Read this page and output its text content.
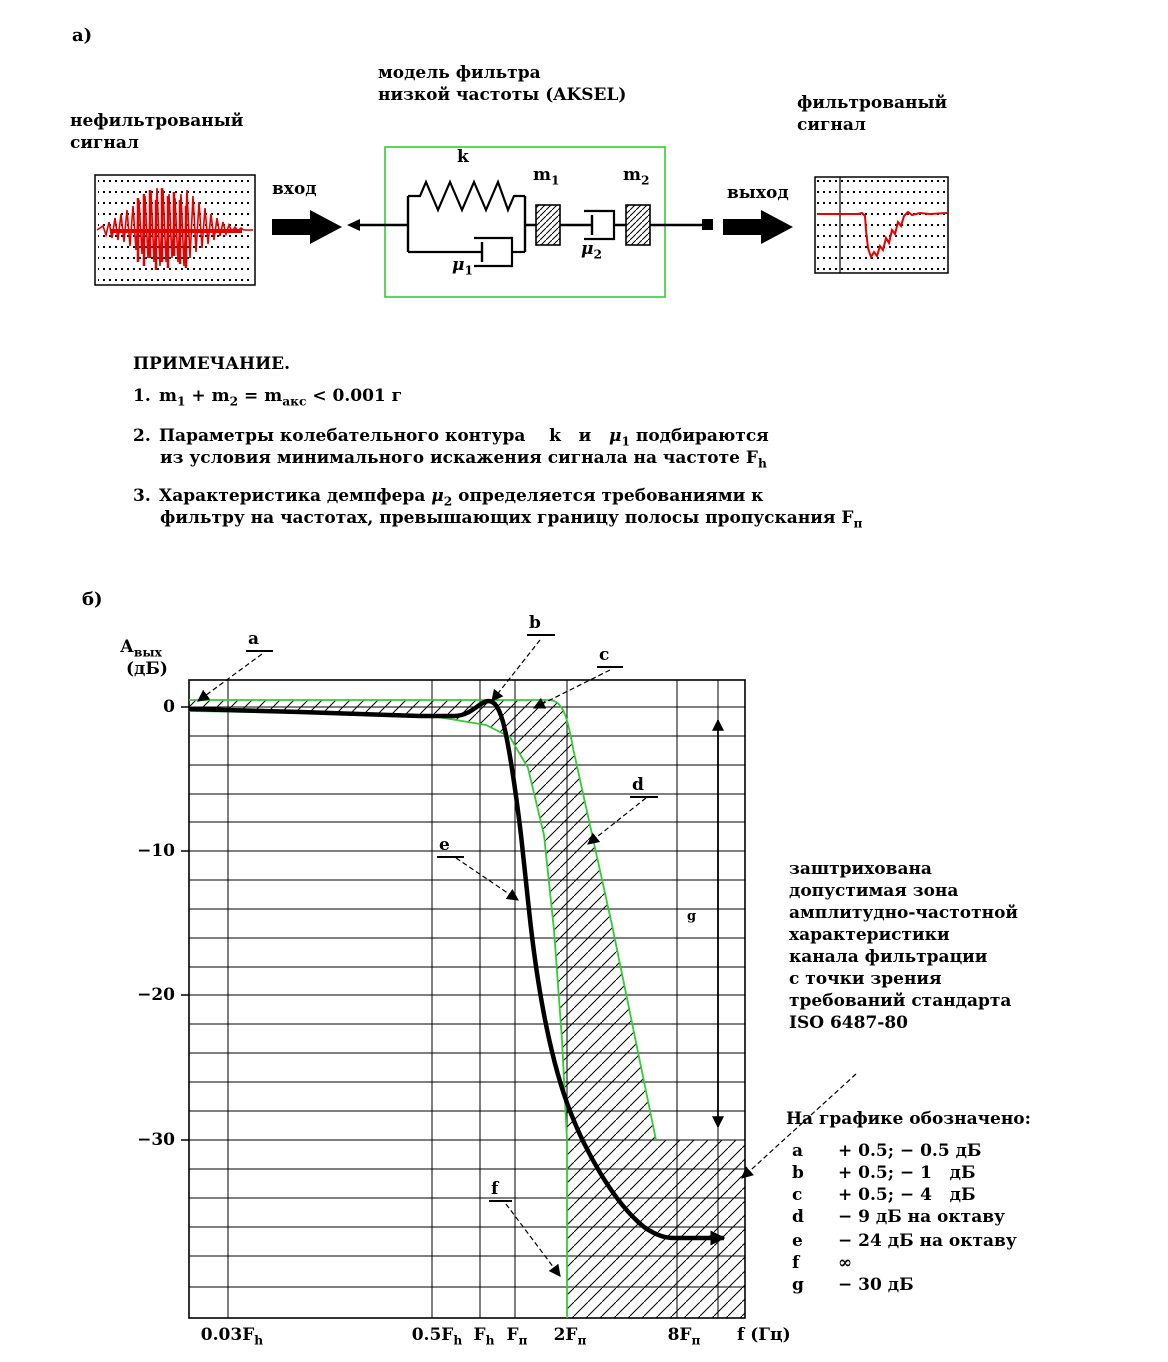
а)
модель фильтра
низкой частоты (AKSEL)
нефильтрованый
сигнал
вход	выход
фильтрованый
сигнал
k
$m_1$	$m_2$
$\mu_1$
$\mu_2$
ПРИМЕЧАНИЕ.
1. $m_1 + m_2 = m_{акс} < 0.001$ г
2. Параметры колебательного контура    k   и   $\mu_1$ подбираются
из условия минимального искажения сигнала на частоте $F_h$
3. Характеристика демпфера $\mu_2$ определяется требованиями к
фильтру на частотах, превышающих границу полосы пропускания $F_п$
б)
$А_{вых}$
(дБ)
0
−10
−20
−30
$0.03F_h$	$0.5F_h$ $F_h$ $F_п$	$2F_п$	$8F_п$	f (Гц)
a
b
c
d
e
f
g
заштрихована
допустимая зона
амплитудно-частотной
характеристики
канала фильтрации
с точки зрения
требований стандарта
ISO 6487-80
На графике обозначено:
a + 0.5; − 0.5 дБ
b + 0.5; − 1   дБ
c + 0.5; − 4   дБ
d − 9 дБ на октаву
e − 24 дБ на октаву
f ∞
g − 30 дБ
